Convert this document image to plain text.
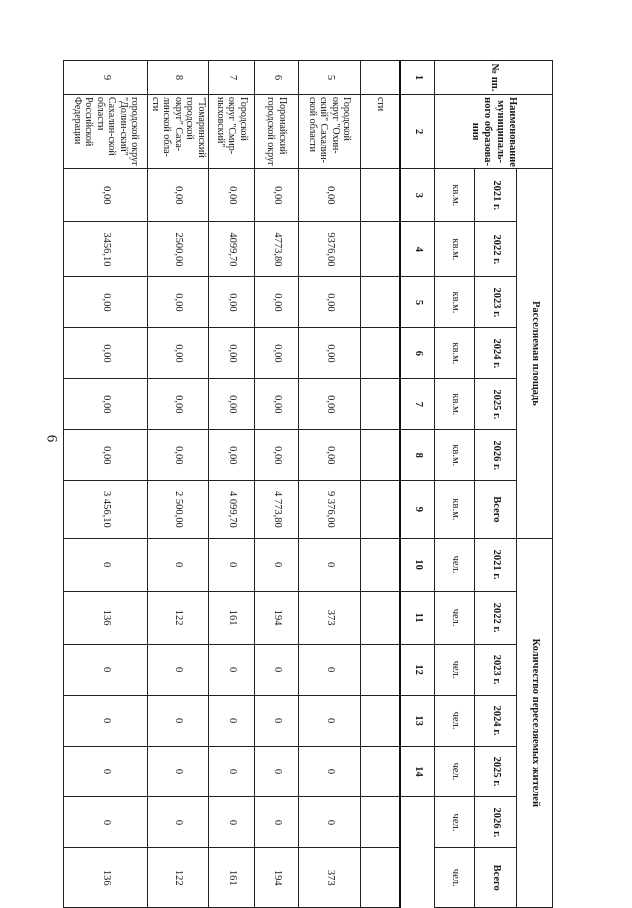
6
№ пп.	Наименование муниципаль-ного образова-ния	Расселяемая площадь							Количество переселяемых жителей						
		2021 г.	2022 г.	2023 г.	2024 г.	2025 г.	2026 г.	Всего	2021 г.	2022 г.	2023 г.	2024 г.	2025 г.	2026 г.	Всего
		кв.м.	кв.м.	кв.м.	кв.м.	кв.м.	кв.м.	кв.м.	чел.	чел.	чел.	чел.	чел.	чел.	чел.
1	2	3	4	5	6	7	8	9	10	11	12	13	14		
	сти														
5	Городской округ "Охин-ский" Сахалин-ской области	0,00	9376,00	0,00	0,00	0,00	0,00	9 376,00	0	373	0	0	0	0	373
6	Поронайский городской округ	0,00	4773,80	0,00	0,00	0,00	0,00	4 773,80	0	194	0	0	0	0	194
7	Городской округ "Смир-ныховский"	0,00	4099,70	0,00	0,00	0,00	0,00	4 099,70	0	161	0	0	0	0	161
8	"Томаринский городской округ" Саха-линской обла-сти	0,00	2500,00	0,00	0,00	0,00	0,00	2 500,00	0	122	0	0	0	0	122
9	городской округ "Долин-ский" Сахалин-ской области Российской Федерации	0,00	3456,10	0,00	0,00	0,00	0,00	3 456,10	0	136	0	0	0	0	136
